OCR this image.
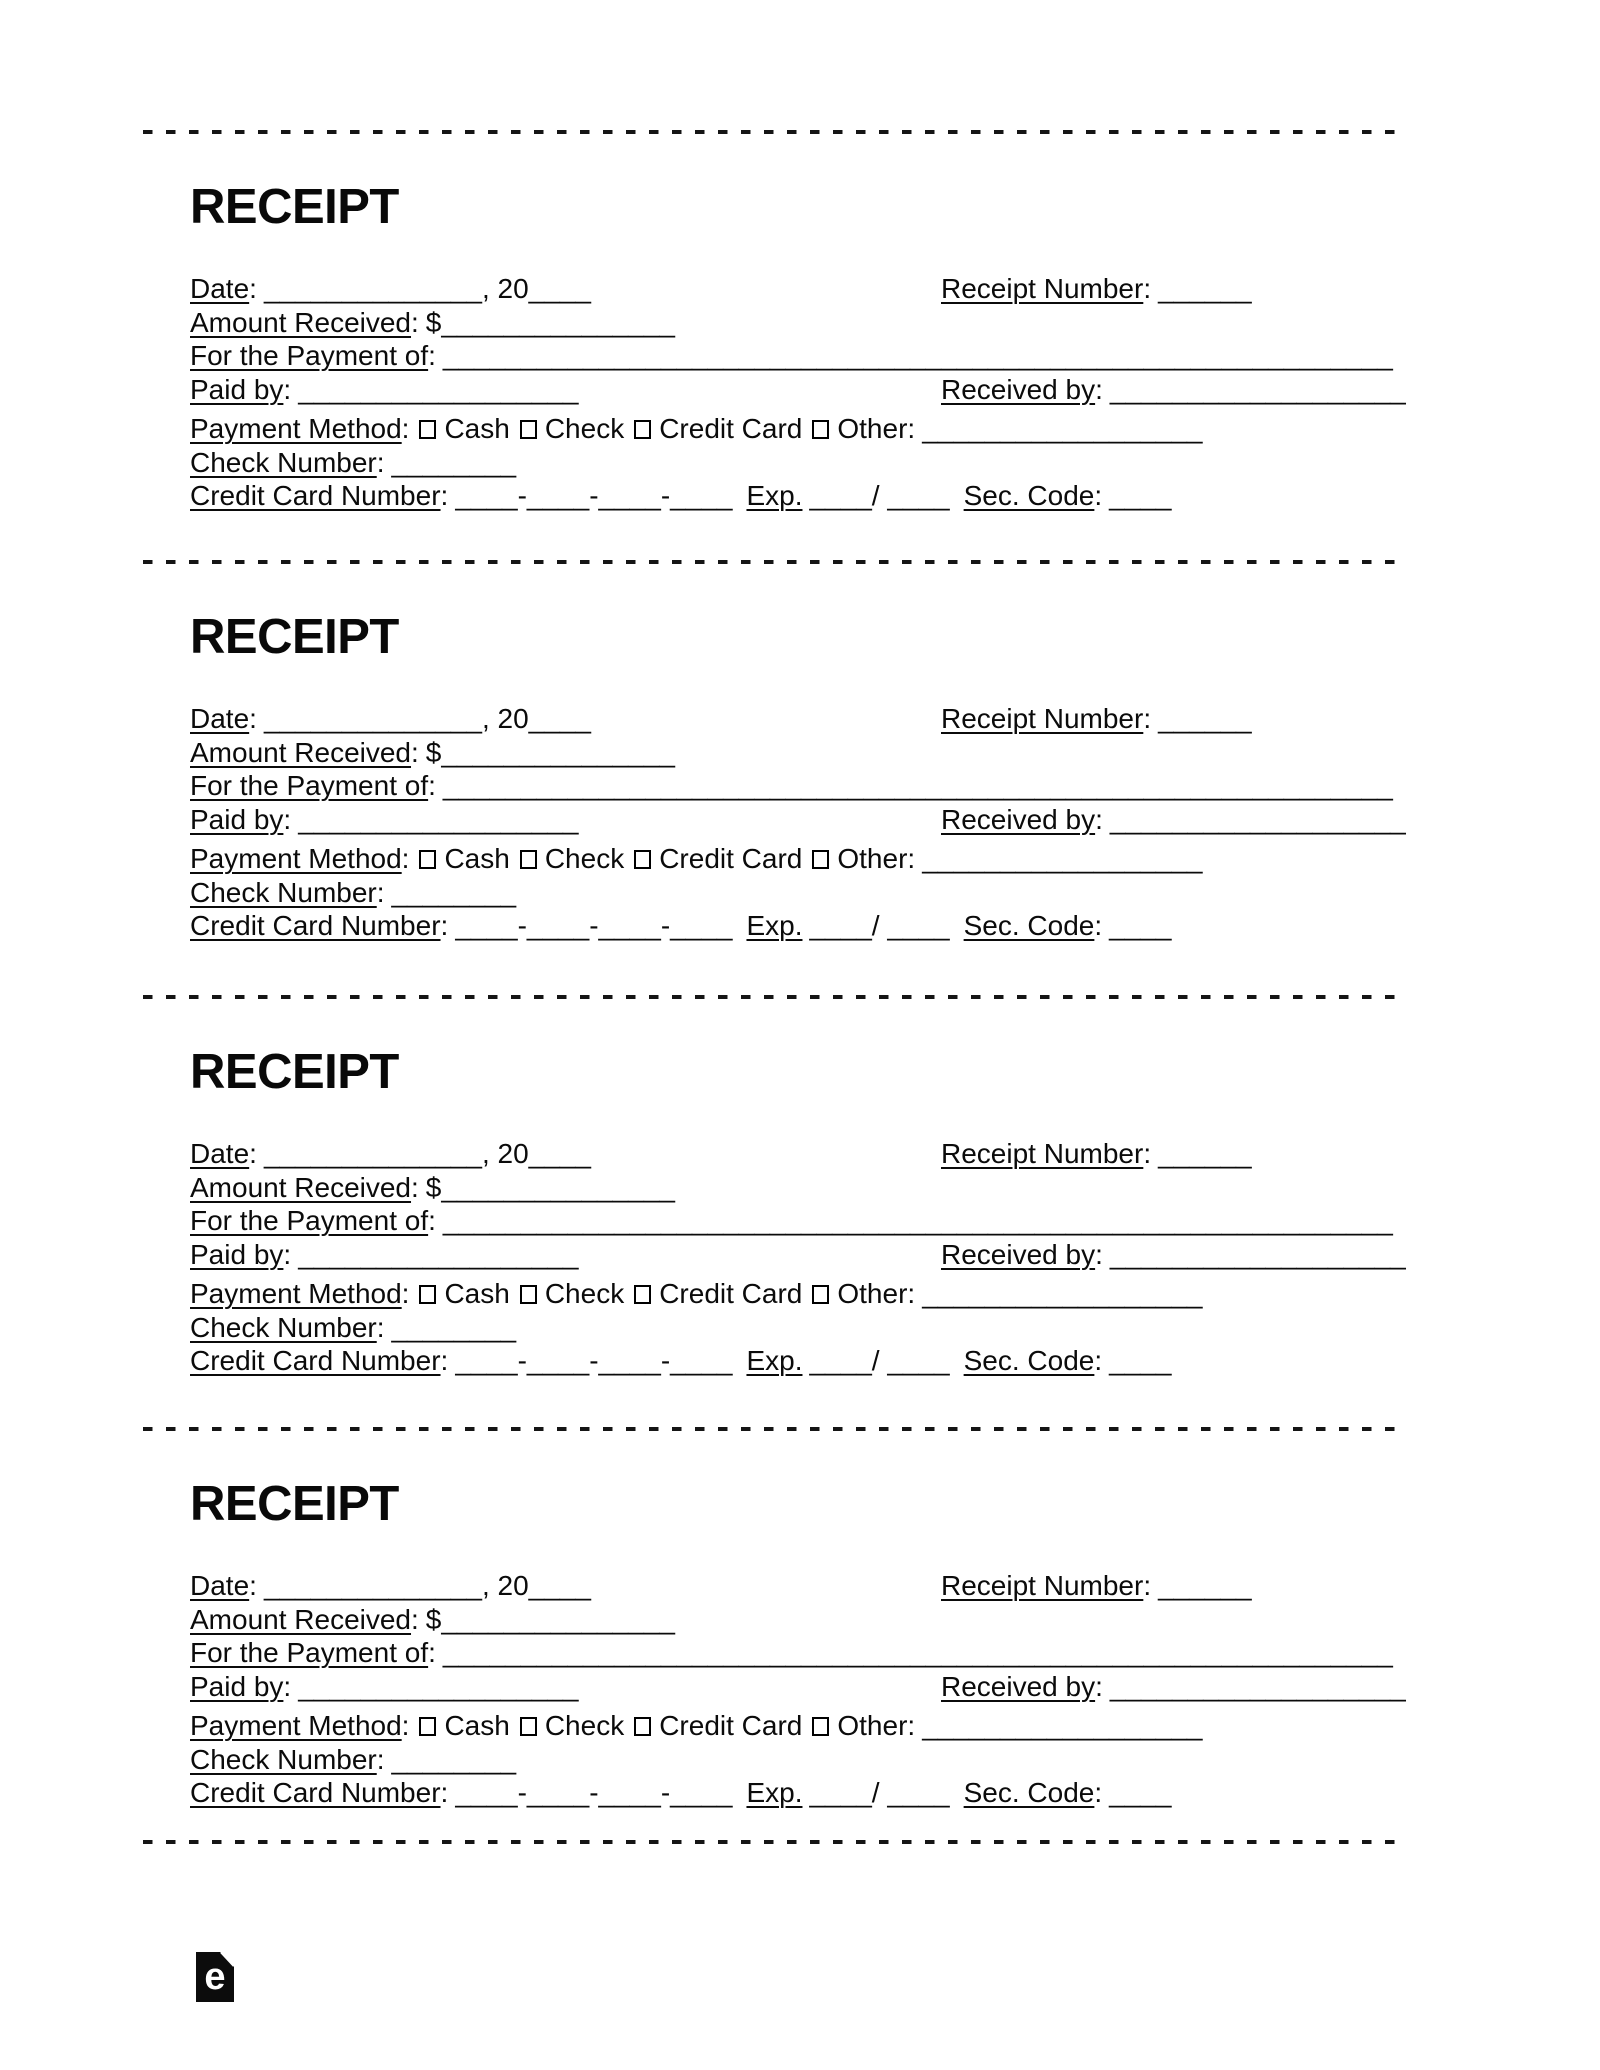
RECEIPT
Date: ______________, 20____	Receipt Number: ______
Amount Received: $_______________
For the Payment of: _____________________________________________________________
Paid by: __________________	Received by: ___________________
Payment Method: Cash Check Credit Card Other: __________________
Check Number: ________
Credit Card Number: ____-____-____-____ Exp. ____/ ____ Sec. Code: ____
RECEIPT
Date: ______________, 20____	Receipt Number: ______
Amount Received: $_______________
For the Payment of: _____________________________________________________________
Paid by: __________________	Received by: ___________________
Payment Method: Cash Check Credit Card Other: __________________
Check Number: ________
Credit Card Number: ____-____-____-____ Exp. ____/ ____ Sec. Code: ____
RECEIPT
Date: ______________, 20____	Receipt Number: ______
Amount Received: $_______________
For the Payment of: _____________________________________________________________
Paid by: __________________	Received by: ___________________
Payment Method: Cash Check Credit Card Other: __________________
Check Number: ________
Credit Card Number: ____-____-____-____ Exp. ____/ ____ Sec. Code: ____
RECEIPT
Date: ______________, 20____	Receipt Number: ______
Amount Received: $_______________
For the Payment of: _____________________________________________________________
Paid by: __________________	Received by: ___________________
Payment Method: Cash Check Credit Card Other: __________________
Check Number: ________
Credit Card Number: ____-____-____-____ Exp. ____/ ____ Sec. Code: ____
e
